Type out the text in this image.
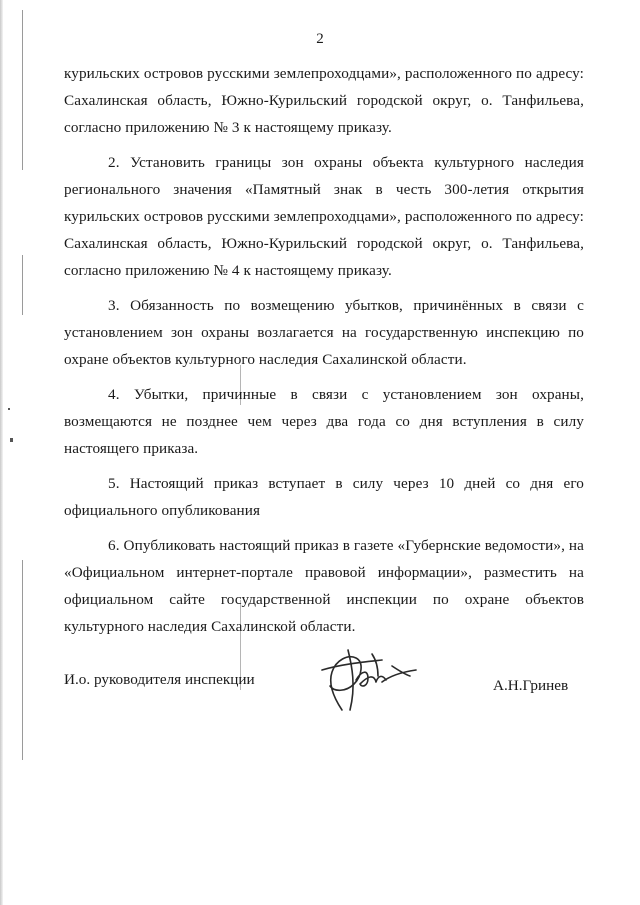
2

курильских островов русскими землепроходцами», расположенного по адресу: Сахалинская область, Южно-Курильский городской округ, о. Танфильева, согласно приложению № 3 к настоящему приказу.

2. Установить границы зон охраны объекта культурного наследия регионального значения «Памятный знак в честь 300-летия открытия курильских островов русскими землепроходцами», расположенного по адресу: Сахалинская область, Южно-Курильский городской округ, о. Танфильева, согласно приложению № 4 к настоящему приказу.

3. Обязанность по возмещению убытков, причинённых в связи с установлением зон охраны возлагается на государственную инспекцию по охране объектов культурного наследия Сахалинской области.

4. Убытки, причинные в связи с установлением зон охраны, возмещаются не позднее чем через два года со дня вступления в силу настоящего приказа.

5. Настоящий приказ вступает в силу через 10 дней со дня его официального опубликования

6. Опубликовать настоящий приказ в газете «Губернские ведомости», на «Официальном интернет-портале правовой информации», разместить на официальном сайте государственной инспекции по охране объектов культурного наследия Сахалинской области.

И.о. руководителя инспекции	А.Н.Гринев
